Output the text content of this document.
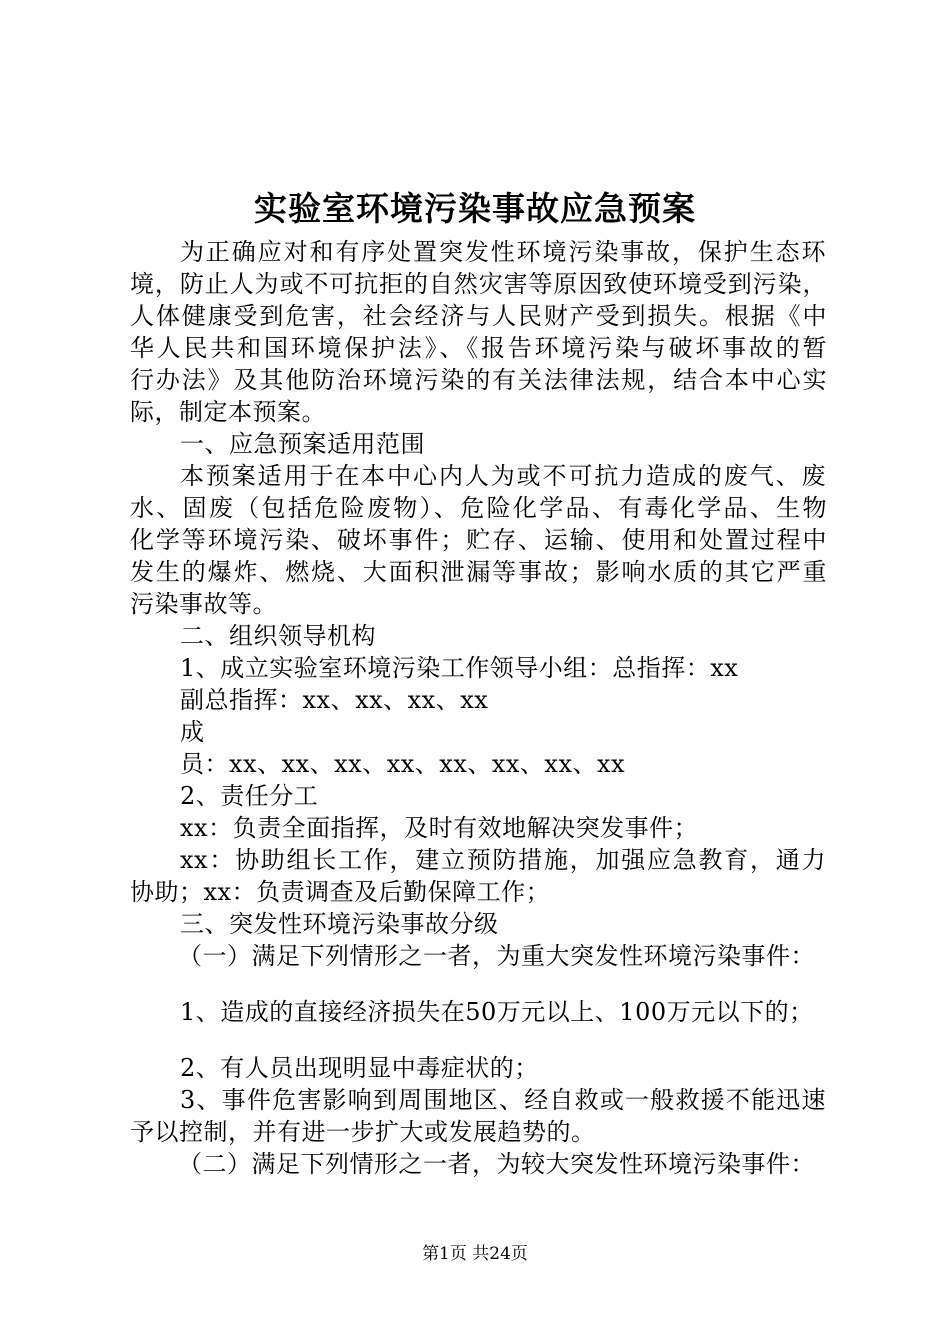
实验室环境污染事故应急预案
为正确应对和有序处置突发性环境污染事故，保护生态环
境，防止人为或不可抗拒的自然灾害等原因致使环境受到污染，
人体健康受到危害，社会经济与人民财产受到损失。根据《中
华人民共和国环境保护法》、《报告环境污染与破坏事故的暂
行办法》及其他防治环境污染的有关法律法规，结合本中心实
际，制定本预案。
一、应急预案适用范围
本预案适用于在本中心内人为或不可抗力造成的废气、废
水、固废（包括危险废物）、危险化学品、有毒化学品、生物
化学等环境污染、破坏事件；贮存、运输、使用和处置过程中
发生的爆炸、燃烧、大面积泄漏等事故；影响水质的其它严重
污染事故等。
二、组织领导机构
1、成立实验室环境污染工作领导小组：总指挥：xx
副总指挥：xx、xx、xx、xx
成
员：xx、xx、xx、xx、xx、xx、xx、xx
2、责任分工
xx：负责全面指挥，及时有效地解决突发事件；
xx：协助组长工作，建立预防措施，加强应急教育，通力
协助；xx：负责调查及后勤保障工作；
三、突发性环境污染事故分级
（一）满足下列情形之一者，为重大突发性环境污染事件：
1、造成的直接经济损失在50万元以上、100万元以下的；
2、有人员出现明显中毒症状的；
3、事件危害影响到周围地区、经自救或一般救援不能迅速
予以控制，并有进一步扩大或发展趋势的。
（二）满足下列情形之一者，为较大突发性环境污染事件：
第1页 共24页
